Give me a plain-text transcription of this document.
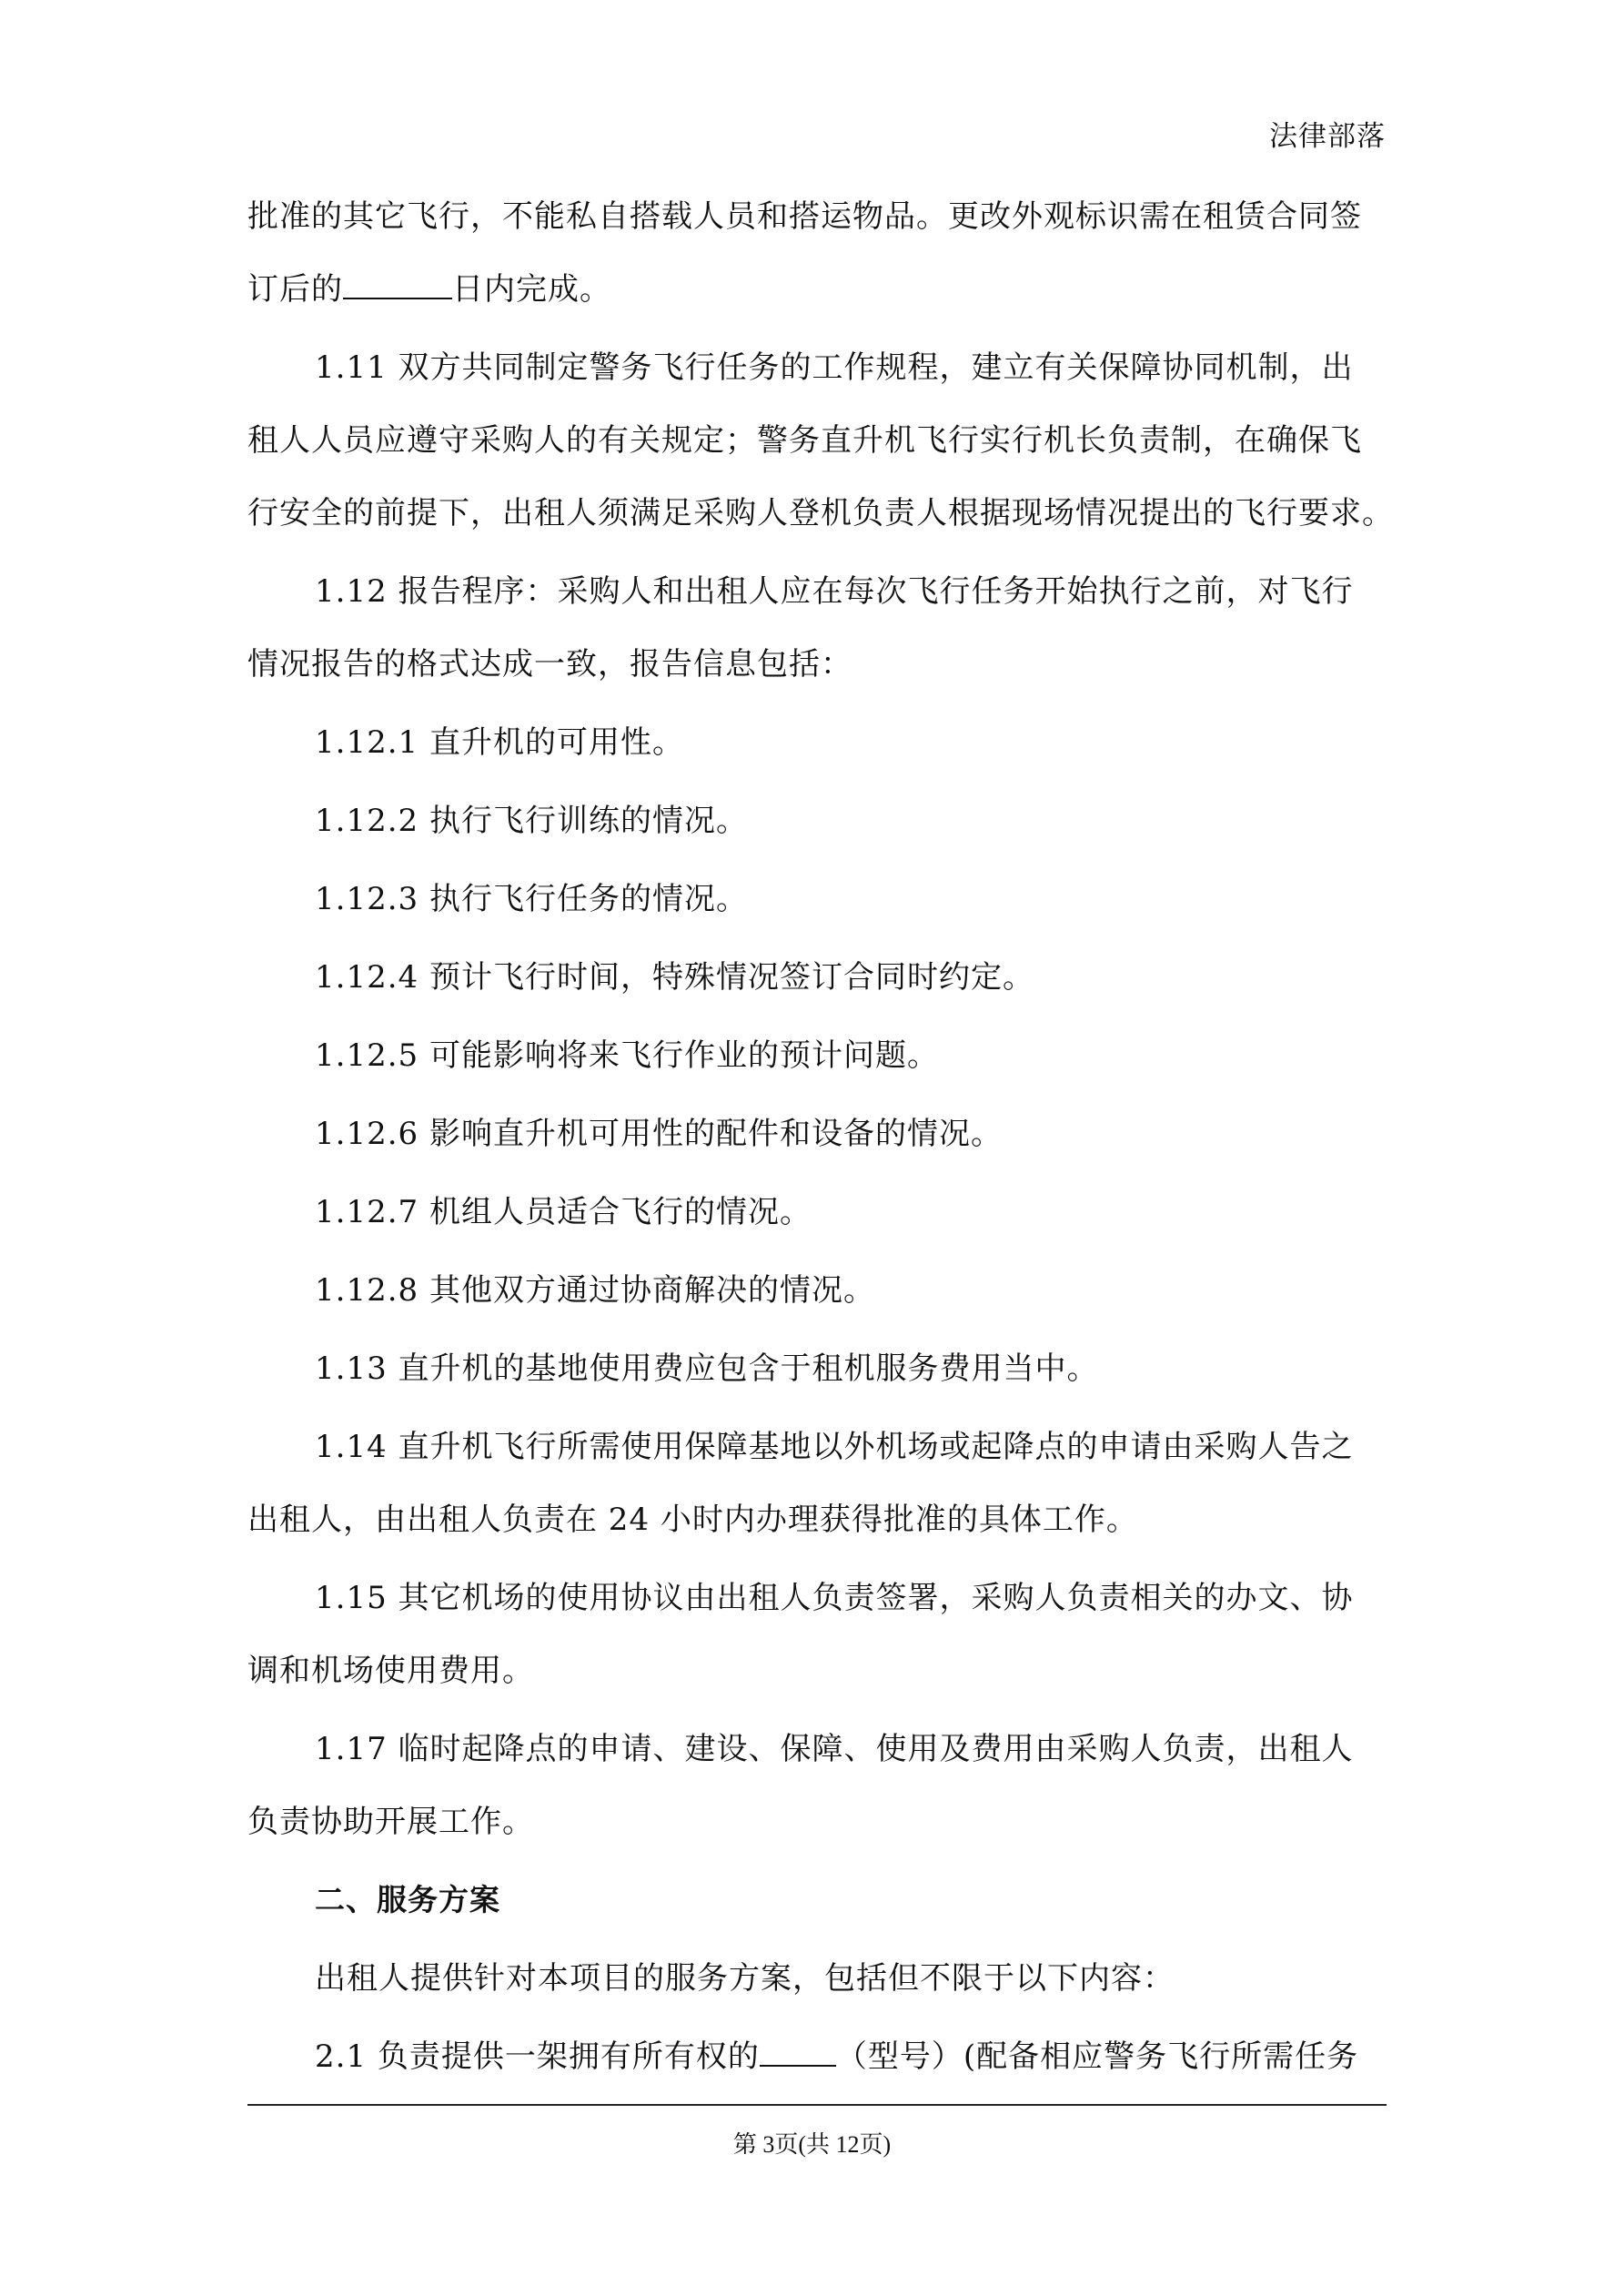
法律部落

批准的其它飞行，不能私自搭载人员和搭运物品。更改外观标识需在租赁合同签
订后的	日内完成。

1.11 双方共同制定警务飞行任务的工作规程，建立有关保障协同机制，出
租人人员应遵守采购人的有关规定；警务直升机飞行实行机长负责制，在确保飞
行安全的前提下，出租人须满足采购人登机负责人根据现场情况提出的飞行要求。

1.12 报告程序：采购人和出租人应在每次飞行任务开始执行之前，对飞行
情况报告的格式达成一致，报告信息包括：

1.12.1 直升机的可用性。

1.12.2 执行飞行训练的情况。

1.12.3 执行飞行任务的情况。

1.12.4 预计飞行时间，特殊情况签订合同时约定。

1.12.5 可能影响将来飞行作业的预计问题。

1.12.6 影响直升机可用性的配件和设备的情况。

1.12.7 机组人员适合飞行的情况。

1.12.8 其他双方通过协商解决的情况。

1.13 直升机的基地使用费应包含于租机服务费用当中。

1.14 直升机飞行所需使用保障基地以外机场或起降点的申请由采购人告之
出租人，由出租人负责在 24 小时内办理获得批准的具体工作。

1.15 其它机场的使用协议由出租人负责签署，采购人负责相关的办文、协
调和机场使用费用。

1.17 临时起降点的申请、建设、保障、使用及费用由采购人负责，出租人
负责协助开展工作。

二、服务方案

出租人提供针对本项目的服务方案，包括但不限于以下内容：

2.1 负责提供一架拥有所有权的 （型号）(配备相应警务飞行所需任务

第 3页(共 12页)
